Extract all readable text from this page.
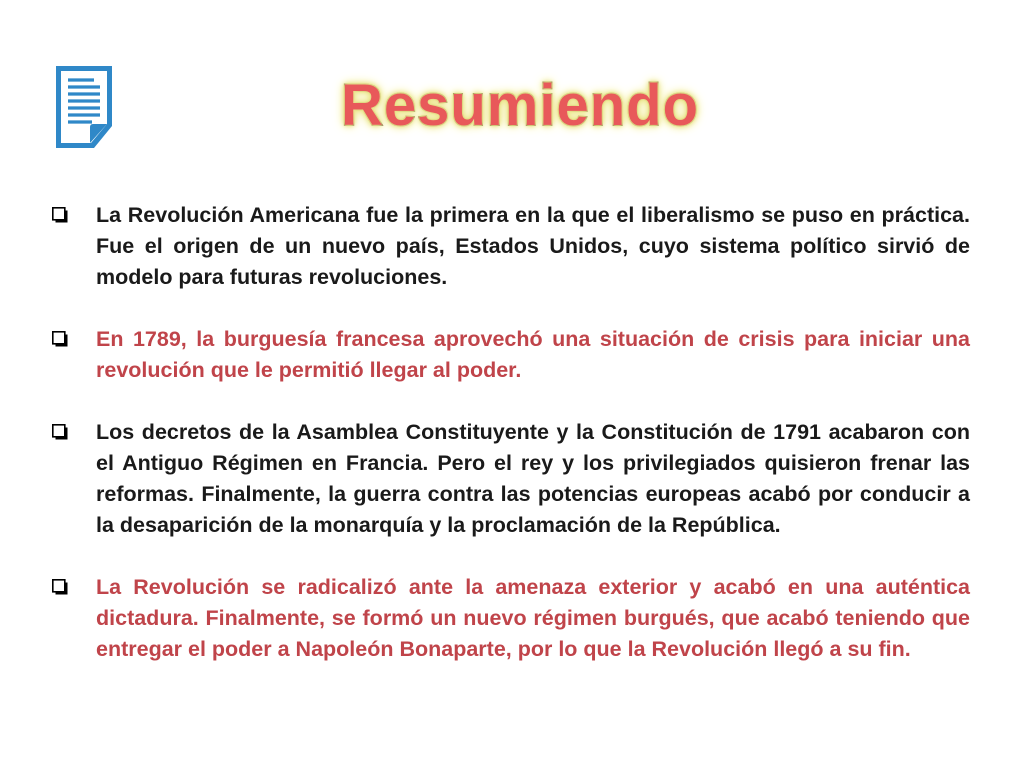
Resumiendo
La Revolución Americana fue la primera en la que el liberalismo se puso en práctica. Fue el origen de un nuevo país, Estados Unidos, cuyo sistema político sirvió de modelo para futuras revoluciones.
En 1789, la burguesía francesa aprovechó una situación de crisis para iniciar una revolución que le permitió llegar al poder.
Los decretos de la Asamblea Constituyente y la Constitución de 1791 acabaron con el Antiguo Régimen en Francia. Pero el rey y los privilegiados quisieron frenar las reformas. Finalmente, la guerra contra las potencias europeas acabó por conducir a la desaparición de la monarquía y la proclamación de la República.
La Revolución se radicalizó ante la amenaza exterior y acabó en una auténtica dictadura. Finalmente, se formó un nuevo régimen burgués, que acabó teniendo que entregar el poder a Napoleón Bonaparte, por lo que la Revolución llegó a su fin.
